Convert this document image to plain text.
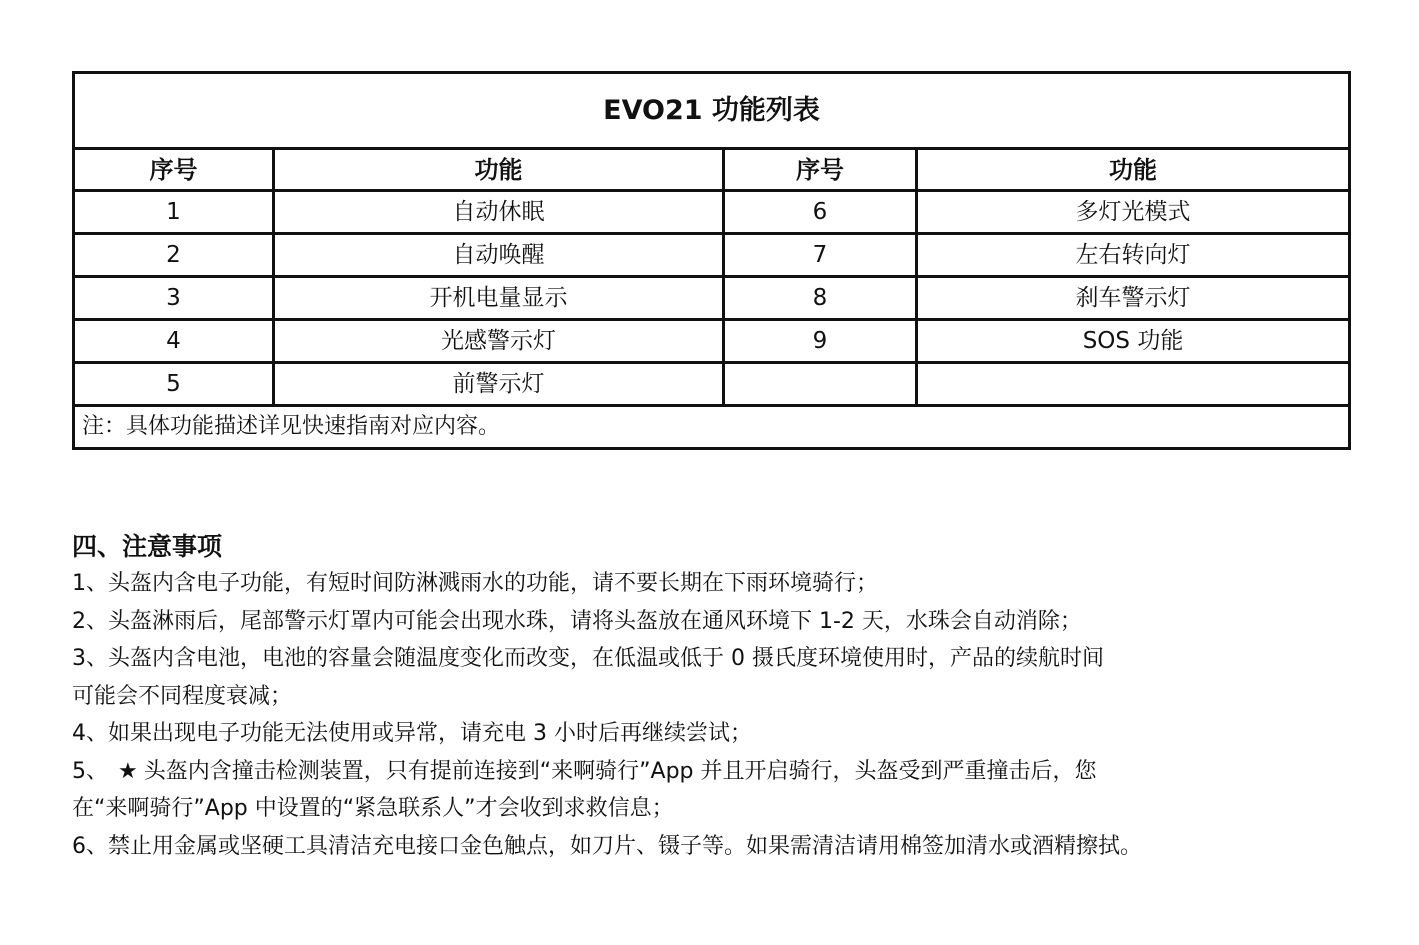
EVO21 功能列表			
序号	功能	序号	功能
1	自动休眠	6	多灯光模式
2	自动唤醒	7	左右转向灯
3	开机电量显示	8	刹车警示灯
4	光感警示灯	9	SOS 功能
5	前警示灯		
注：具体功能描述详见快速指南对应内容。			
四、注意事项
1、头盔内含电子功能，有短时间防淋溅雨水的功能，请不要长期在下雨环境骑行；
2、头盔淋雨后，尾部警示灯罩内可能会出现水珠，请将头盔放在通风环境下 1-2 天，水珠会自动消除；
3、头盔内含电池，电池的容量会随温度变化而改变，在低温或低于 0 摄氏度环境使用时，产品的续航时间
可能会不同程度衰减；
4、如果出现电子功能无法使用或异常，请充电 3 小时后再继续尝试；
5、 ★ 头盔内含撞击检测装置，只有提前连接到“来啊骑行”App 并且开启骑行，头盔受到严重撞击后，您
在“来啊骑行”App 中设置的“紧急联系人”才会收到求救信息；
6、禁止用金属或坚硬工具清洁充电接口金色触点，如刀片、镊子等。如果需清洁请用棉签加清水或酒精擦拭。
